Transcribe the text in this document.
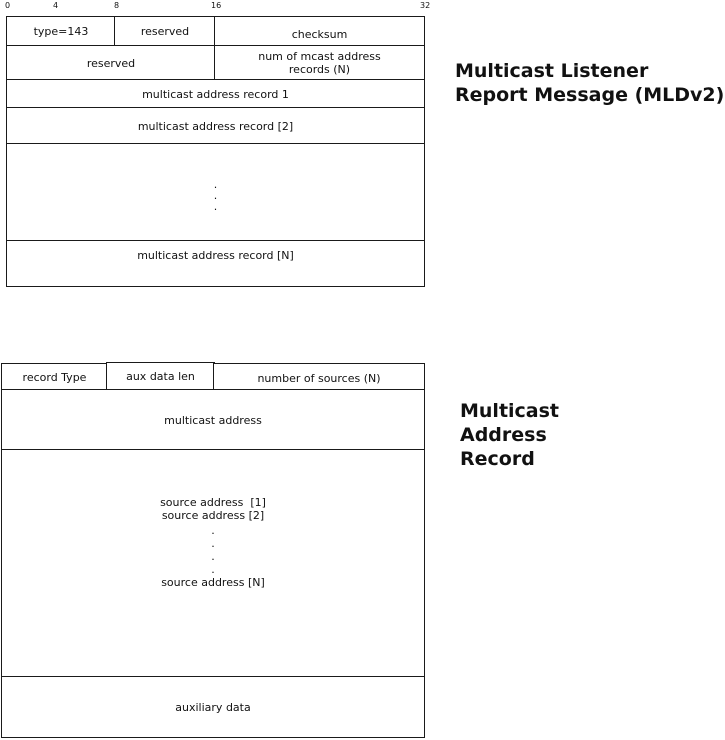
0	4	8	16	32
type=143	reserved	checksum
reserved	num of mcast address
records (N)
multicast address record 1
multicast address record [2]
.
.
.
multicast address record [N]
Multicast Listener
Report Message (MLDv2)
record Type	aux data len	number of sources (N)
multicast address
source address  [1]
source address [2]
.
.
.
.
source address [N]
auxiliary data
Multicast
Address
Record
